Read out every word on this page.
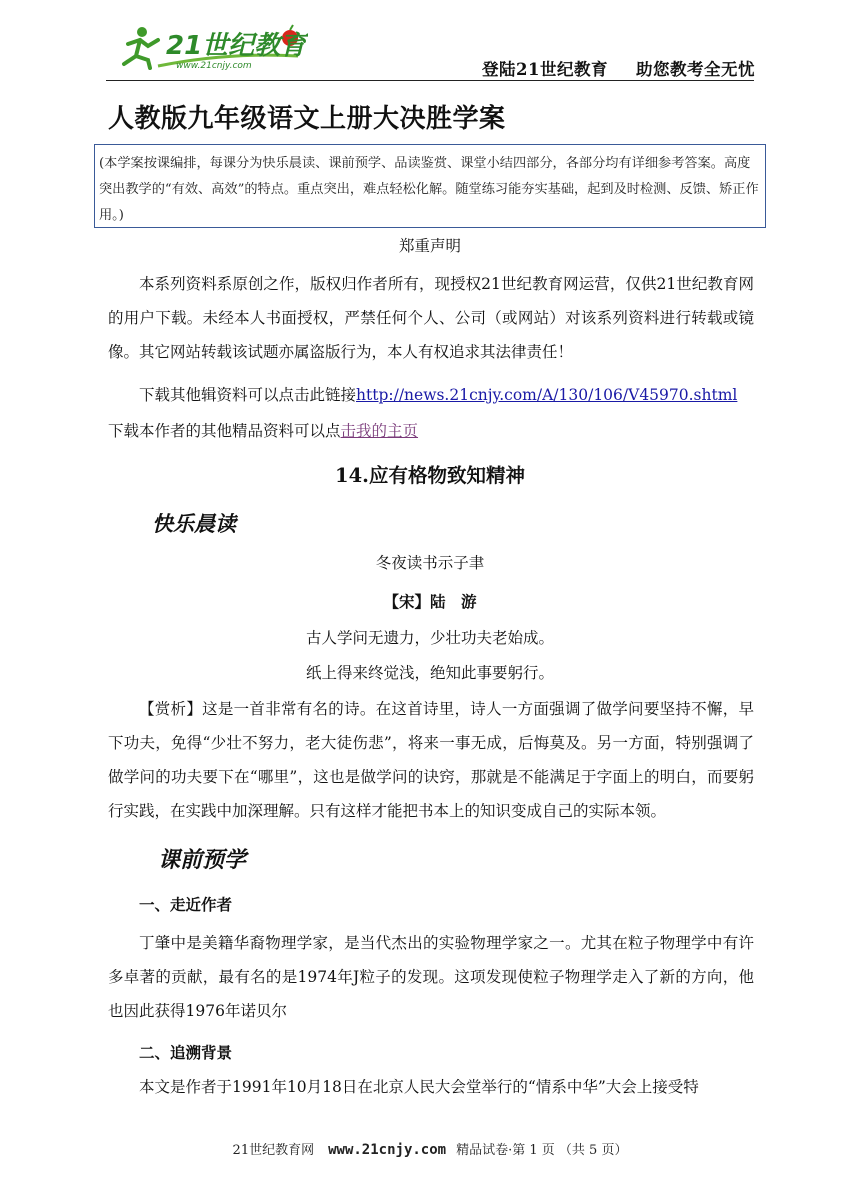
21世纪教育
www.21cnjy.com	登陆21世纪教育 助您教考全无忧
人教版九年级语文上册大决胜学案
(本学案按课编排，每课分为快乐晨读、课前预学、品读鉴赏、课堂小结四部分，各部分均有详细参考答案。高度突出教学的“有效、高效”的特点。重点突出，难点轻松化解。随堂练习能夯实基础，起到及时检测、反馈、矫正作用。)
郑重声明
本系列资料系原创之作，版权归作者所有，现授权21世纪教育网运营，仅供21世纪教育网的用户下载。未经本人书面授权，严禁任何个人、公司（或网站）对该系列资料进行转载或镜像。其它网站转载该试题亦属盗版行为，本人有权追求其法律责任！
下载其他辑资料可以点击此链接http://news.21cnjy.com/A/130/106/V45970.shtml
下载本作者的其他精品资料可以点击我的主页
14.应有格物致知精神
快乐晨读
冬夜读书示子聿
【宋】陆　游
古人学问无遗力，少壮功夫老始成。
纸上得来终觉浅，绝知此事要躬行。
【赏析】这是一首非常有名的诗。在这首诗里，诗人一方面强调了做学问要坚持不懈，早下功夫，免得“少壮不努力，老大徒伤悲”，将来一事无成，后悔莫及。另一方面，特别强调了做学问的功夫要下在“哪里”，这也是做学问的诀窍，那就是不能满足于字面上的明白，而要躬行实践，在实践中加深理解。只有这样才能把书本上的知识变成自己的实际本领。
课前预学
一、走近作者
丁肇中是美籍华裔物理学家，是当代杰出的实验物理学家之一。尤其在粒子物理学中有许多卓著的贡献，最有名的是1974年J粒子的发现。这项发现使粒子物理学走入了新的方向，他也因此获得1976年诺贝尔
二、追溯背景
本文是作者于1991年10月18日在北京人民大会堂举行的“情系中华”大会上接受特
21世纪教育网 www.21cnjy.com 精品试卷·第 1 页 （共 5 页）
